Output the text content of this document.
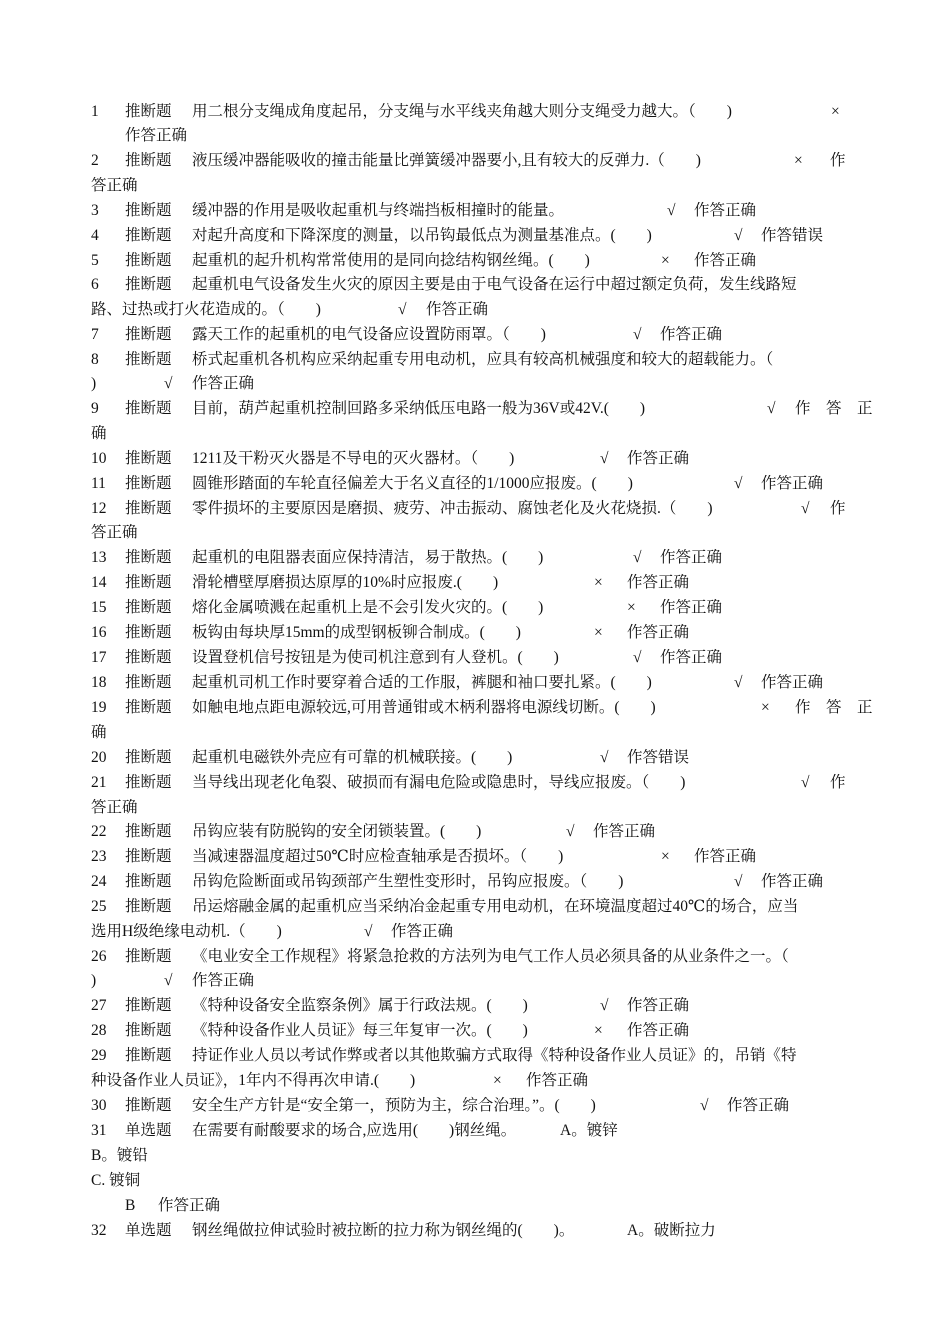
1 推断题 用二根分支绳成角度起吊，分支绳与水平线夹角越大则分支绳受力越大。（　　)	×
作答正确
2 推断题 液压缓冲器能吸收的撞击能量比弹簧缓冲器要小,且有较大的反弹力.（　　)	× 作
答正确
3 推断题 缓冲器的作用是吸收起重机与终端挡板相撞时的能量。	√ 作答正确
4 推断题 对起升高度和下降深度的测量，以吊钩最低点为测量基准点。(　　)	√ 作答错误
5 推断题 起重机的起升机构常常使用的是同向捻结构钢丝绳。(　　)	× 作答正确
6 推断题 起重机电气设备发生火灾的原因主要是由于电气设备在运行中超过额定负荷，发生线路短
路、过热或打火花造成的。（　　)	√ 作答正确
7 推断题 露天工作的起重机的电气设备应设置防雨罩。（　　)	√ 作答正确
8 推断题 桥式起重机各机构应采纳起重专用电动机，应具有较高机械强度和较大的超载能力。（
)	√ 作答正确
9 推断题 目前，葫芦起重机控制回路多采纳低压电路一般为36V或42V.(　　)	√ 作　答　正
确
10 推断题 1211及干粉灭火器是不导电的灭火器材。（　　)	√ 作答正确
11 推断题 圆锥形踏面的车轮直径偏差大于名义直径的1/1000应报废。(　　)	√ 作答正确
12 推断题 零件损坏的主要原因是磨损、疲劳、冲击振动、腐蚀老化及火花烧损.（　　)	√ 作
答正确
13 推断题 起重机的电阻器表面应保持清洁，易于散热。(　　)	√ 作答正确
14 推断题 滑轮槽壁厚磨损达原厚的10%时应报废.(　　)	× 作答正确
15 推断题 熔化金属喷溅在起重机上是不会引发火灾的。(　　)	× 作答正确
16 推断题 板钩由每块厚15mm的成型钢板铆合制成。(　　)	× 作答正确
17 推断题 设置登机信号按钮是为使司机注意到有人登机。(　　)	√ 作答正确
18 推断题 起重机司机工作时要穿着合适的工作服，裤腿和袖口要扎紧。(　　)	√ 作答正确
19 推断题 如触电地点距电源较远,可用普通钳或木柄利器将电源线切断。(　　)	× 作　答　正
确
20 推断题 起重机电磁铁外壳应有可靠的机械联接。(　　)	√ 作答错误
21 推断题 当导线出现老化龟裂、破损而有漏电危险或隐患时，导线应报废。（　　)	√ 作
答正确
22 推断题 吊钩应装有防脱钩的安全闭锁装置。(　　)	√ 作答正确
23 推断题 当减速器温度超过50℃时应检查轴承是否损坏。（　　)	× 作答正确
24 推断题 吊钩危险断面或吊钩颈部产生塑性变形时，吊钩应报废。（　　)	√ 作答正确
25 推断题 吊运熔融金属的起重机应当采纳冶金起重专用电动机，在环境温度超过40℃的场合，应当
选用H级绝缘电动机.（　　)	√ 作答正确
26 推断题 《电业安全工作规程》将紧急抢救的方法列为电气工作人员必须具备的从业条件之一。（
)	√ 作答正确
27 推断题 《特种设备安全监察条例》属于行政法规。(　　)	√ 作答正确
28 推断题 《特种设备作业人员证》每三年复审一次。(　　)	× 作答正确
29 推断题 持证作业人员以考试作弊或者以其他欺骗方式取得《特种设备作业人员证》的，吊销《特
种设备作业人员证》，1年内不得再次申请.(　　)	× 作答正确
30 推断题 安全生产方针是“安全第一，预防为主，综合治理。”。(　　)	√ 作答正确
31 单选题 在需要有耐酸要求的场合,应选用(　　)钢丝绳。	A。镀锌
B。镀铅
C. 镀铜
B 作答正确
32 单选题 钢丝绳做拉伸试验时被拉断的拉力称为钢丝绳的(　　)。	A。破断拉力
